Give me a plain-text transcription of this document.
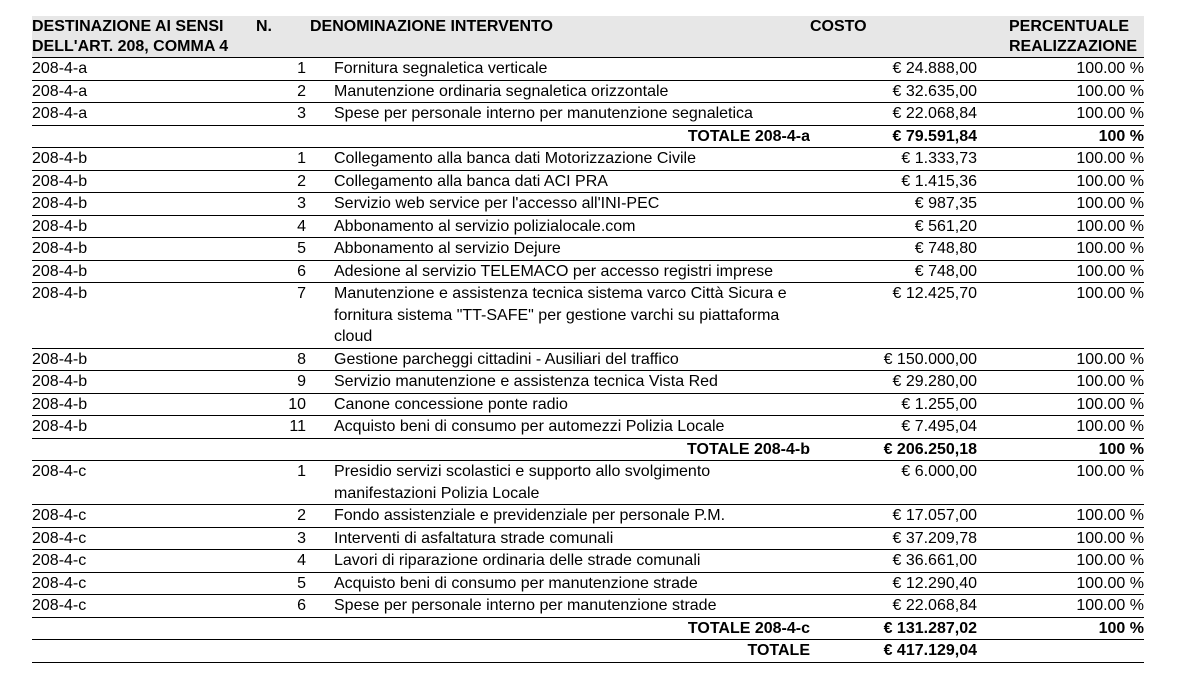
DESTINAZIONE AI SENSI DELL'ART. 208, COMMA 4	N.	DENOMINAZIONE INTERVENTO	COSTO	PERCENTUALE REALIZZAZIONE
208-4-a	1	Fornitura segnaletica verticale	€ 24.888,00	100.00 %
208-4-a	2	Manutenzione ordinaria segnaletica orizzontale	€ 32.635,00	100.00 %
208-4-a	3	Spese per personale interno per manutenzione segnaletica	€ 22.068,84	100.00 %
		TOTALE 208-4-a	€ 79.591,84	100 %
208-4-b	1	Collegamento alla banca dati Motorizzazione Civile	€ 1.333,73	100.00 %
208-4-b	2	Collegamento alla banca dati ACI PRA	€ 1.415,36	100.00 %
208-4-b	3	Servizio web service per l'accesso all'INI-PEC	€ 987,35	100.00 %
208-4-b	4	Abbonamento al servizio polizialocale.com	€ 561,20	100.00 %
208-4-b	5	Abbonamento al servizio Dejure	€ 748,80	100.00 %
208-4-b	6	Adesione al servizio TELEMACO per accesso registri imprese	€ 748,00	100.00 %
208-4-b	7	Manutenzione e assistenza tecnica sistema varco Città Sicura e fornitura sistema "TT-SAFE" per gestione varchi su piattaforma cloud	€ 12.425,70	100.00 %
208-4-b	8	Gestione parcheggi cittadini - Ausiliari del traffico	€ 150.000,00	100.00 %
208-4-b	9	Servizio manutenzione e assistenza tecnica Vista Red	€ 29.280,00	100.00 %
208-4-b	10	Canone concessione ponte radio	€ 1.255,00	100.00 %
208-4-b	11	Acquisto beni di consumo per automezzi Polizia Locale	€ 7.495,04	100.00 %
		TOTALE 208-4-b	€ 206.250,18	100 %
208-4-c	1	Presidio servizi scolastici e supporto allo svolgimento manifestazioni Polizia Locale	€ 6.000,00	100.00 %
208-4-c	2	Fondo assistenziale e previdenziale per personale P.M.	€ 17.057,00	100.00 %
208-4-c	3	Interventi di asfaltatura strade comunali	€ 37.209,78	100.00 %
208-4-c	4	Lavori di riparazione ordinaria delle strade comunali	€ 36.661,00	100.00 %
208-4-c	5	Acquisto beni di consumo per manutenzione strade	€ 12.290,40	100.00 %
208-4-c	6	Spese per personale interno per manutenzione strade	€ 22.068,84	100.00 %
		TOTALE 208-4-c	€ 131.287,02	100 %
		TOTALE	€ 417.129,04	
